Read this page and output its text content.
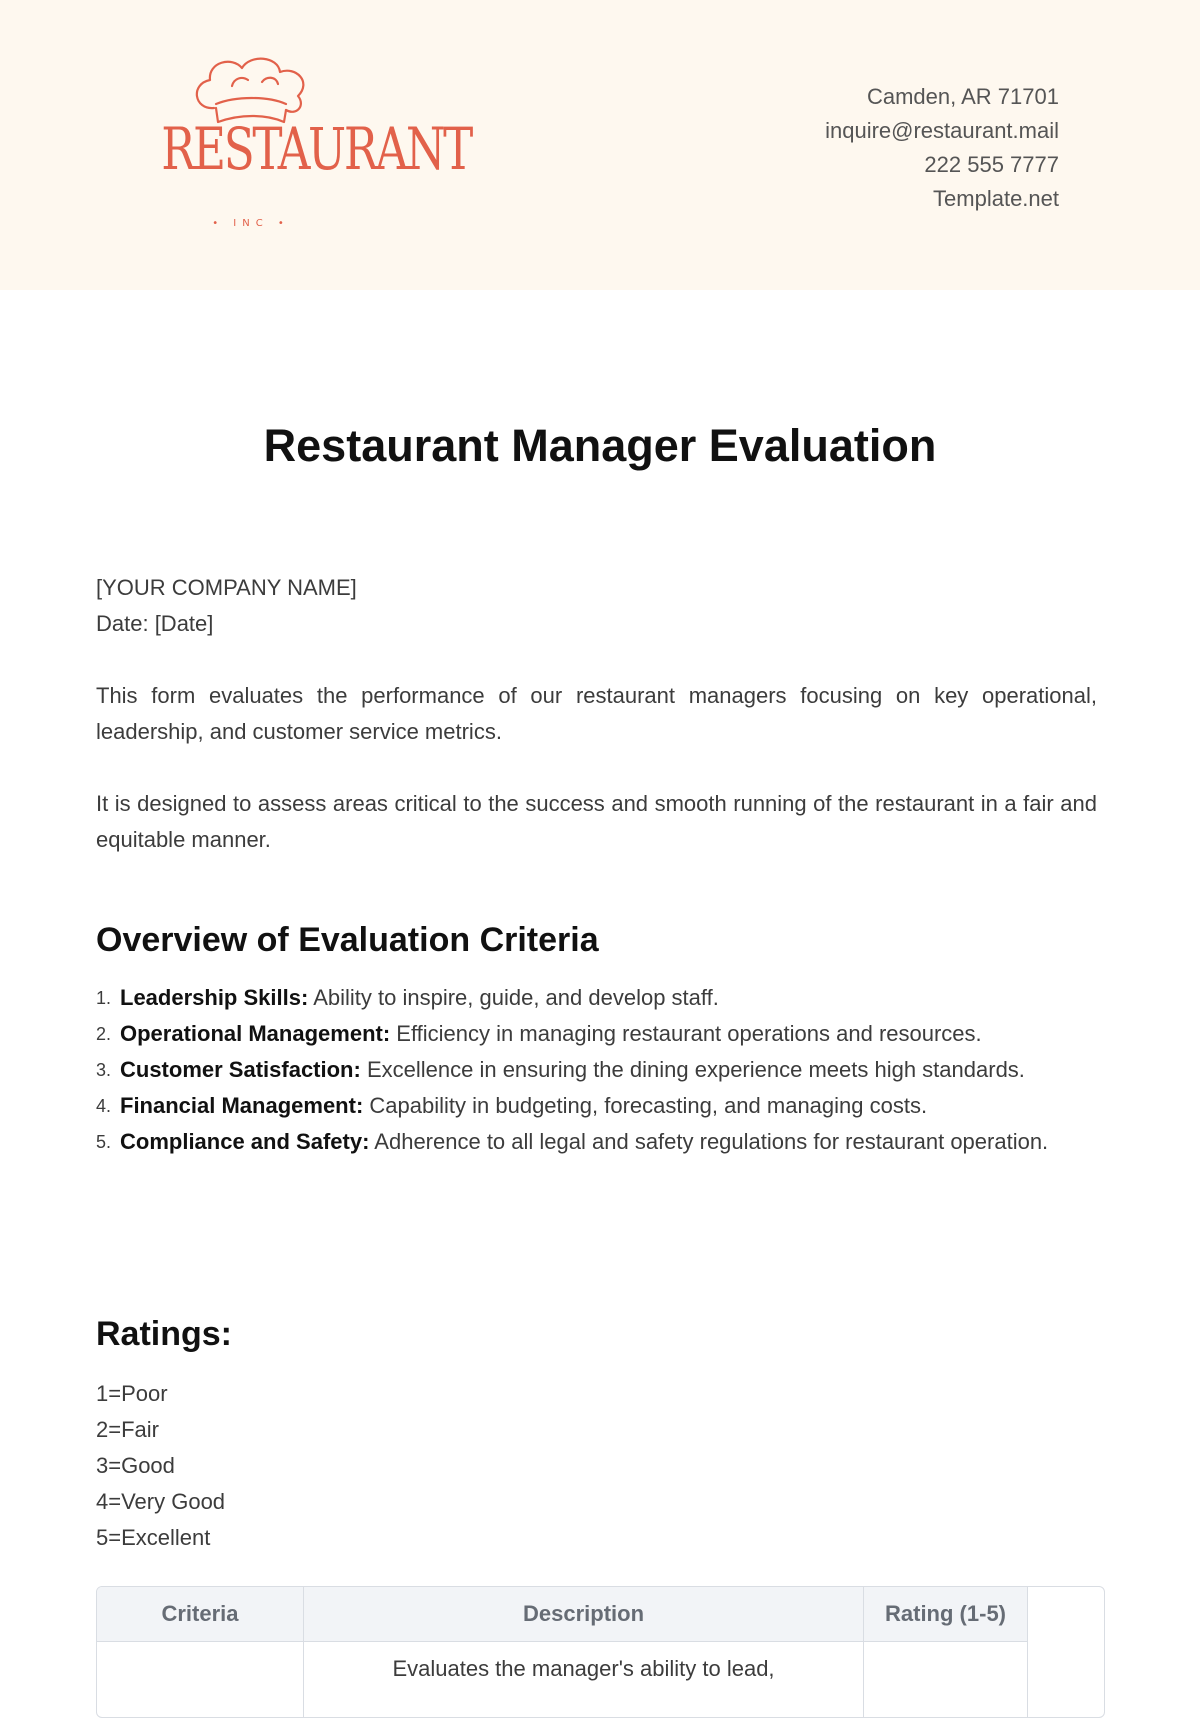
RESTAURANT
• INC •
Camden, AR 71701
inquire@restaurant.mail
222 555 7777
Template.net
Restaurant Manager Evaluation
[YOUR COMPANY NAME]
Date: [Date]
This form evaluates the performance of our restaurant managers focusing on key operational, leadership, and customer service metrics.
It is designed to assess areas critical to the success and smooth running of the restaurant in a fair and equitable manner.
Overview of Evaluation Criteria
1. Leadership Skills: Ability to inspire, guide, and develop staff.
2. Operational Management: Efficiency in managing restaurant operations and resources.
3. Customer Satisfaction: Excellence in ensuring the dining experience meets high standards.
4. Financial Management: Capability in budgeting, forecasting, and managing costs.
5. Compliance and Safety: Adherence to all legal and safety regulations for restaurant operation.
Ratings:
1=Poor
2=Fair
3=Good
4=Very Good
5=Excellent
Criteria	Description	Rating (1-5)
	Evaluates the manager's ability to lead,	
